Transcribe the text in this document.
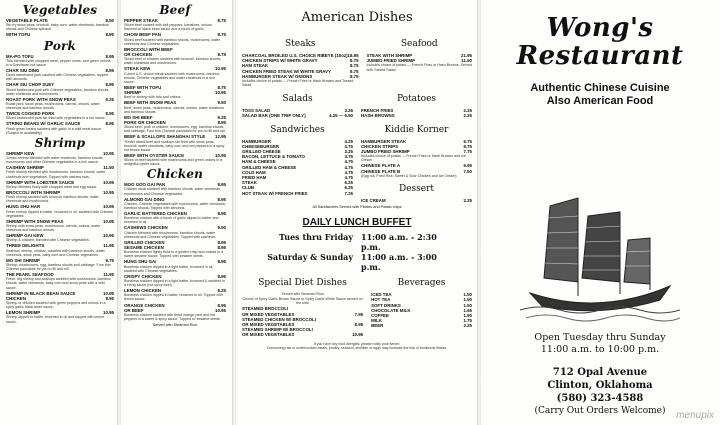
Vegetables
VEGETABLE PLATE	8.50
Stir fry snow peas, broccoli, baby corn, water chestnuts, bamboo shoots and Chinese spinach
WITH TOFU	8.95
Pork
MA-PO TOFU	8.95
Tofu blended with chopped meat, pepper corns, and green onions in a Szechwan hot sauce.
CHAR SIU DING	8.95
Diced barbecued pork sautéed with Chinese vegetables, topped with almonds.
CHAR SIU CHOP SUEY	8.95
Sliced barbecued pork with Chinese vegetables, bamboo shoots, water chestnuts and mushrooms.
ROAST PORK WITH SNOW PEAS	9.25
Roast pork, snow peas, mushrooms, carrots, onions, water chestnuts and bamboo shoots.
TWICE COOKED PORK	8.95
Sliced barbecued pork stir fried with vegetables in a hot sauce.
STRING BEANS W/ GARLIC SAUCE	8.95
Fresh green beans sautéed with garlic in a mild meat sauce. (Subject to availability)
Shrimp
SHRIMP KEW	10.95
Jumbo shrimp blended with water chestnuts, bamboo shoots, mushrooms and other Chinese vegetables in a rich sauce.
CASHEW SHRIMP	11.50
Fresh shrimp blended with mushrooms, bamboo shoots, water chestnuts and vegetables. Topped with cashew nuts.
SHRIMP WITH LOBSTER SAUCE	10.95
Shrimp blended finely with chopped meat and egg sauce.
BROCCOLI WITH SHRIMP	10.95
Fresh shrimp sautéed with broccoli, bamboo shoots, water chestnuts and mushrooms.
HUNG SHU HAR	10.95
Fresh shrimp dipped in batter, browned in oil, sautéed with Chinese vegetables.
SHRIMP WITH SNOW PEAS	10.95
Shrimp with snow peas, mushrooms, carrots, onions, water chestnuts and bamboo shoots.
SHRIMP GAI KEW	10.95
Shrimp & chicken, blended with Chinese vegetables.
THREE DELIGHTS	11.95
Seafood, shrimp, chicken, sautéed with bamboo shoots, water chestnuts, snow peas, baby corn and Chinese vegetables.
MO SHI SHRIMP	9.75
Shrimp, mushrooms, egg, bamboo shoots and cabbage. Four thin Chinese pancakes for you to fill and roll.
THE PEARL SEAFOOD	11.95
Fresh, big shrimp and scallops sautéed with mushrooms, bamboo shoots, water chestnuts, baby corn and snow peas with a mild sauce.
SHRIMP IN BLACK BEAN SAUCE	10.95
CHICKEN	8.95
Shrimp or chicken sautéed with green peppers and onions in a spicy garlic black bean sauce.
LEMON SHRIMP	10.95
Shrimp dipped in batter, browned in oil and topped with lemon sauce.
Beef
PEPPER STEAK	8.75
Sliced beef cooked with bell peppers, tomatoes, onions, flavored w/ black bean sauce and a touch of garlic.
CHOW BEEF PAN	8.75
Sliced beef sautéed with bamboo shoots, mushrooms, water chestnuts and Chinese vegetables.
BROCCOLI WITH BEEF
OR CHICKEN	8.75
Sliced beef or chicken sautéed with broccoli, bamboo shoots, water chestnuts and mushrooms.
STEAK KEW	10.95
Cubed U.S. choice steak sautéed with mushrooms, bamboo shoots, Chinese vegetables and water chestnuts in a rich sauce.
BEEF WITH TOFU	8.75
SHRIMP	10.95
Beef or shrimp with tofu and onions.
BEEF WITH SNOW PEAS	9.50
Beef, snow peas, mushrooms, carrots, onions, water chestnuts and bamboo shoots.
MO SHI BEEF	9.25
PORK OR CHICKEN	8.95
Sliced beef, pork or chicken, mushrooms, egg, bamboo shoots and cabbage. Four thin Chinese pancakes for you to fill and roll.
BEEF & SCALLOPS SHANGHAI STYLE 12.95
Tender sliced beef and scallops stir fried with snow peas, broccoli, water chestnuts, baby corn and red peppers in a spicy hot brown sauce.
BEEF WITH OYSTER SAUCE	10.95
Slices of beef sautéed with mushrooms and green onions in a delightful oyster sauce.
Chicken
MOO GOO GAI PAN	8.95
Chicken meat sautéed with bamboo shoots, water chestnuts, mushrooms and Chinese vegetables.
ALMOND GAI DING	8.95
Chicken, Chinese vegetables with mushrooms, water chestnuts, bamboo shoots. Topped with almonds.
GARLIC BATTERED CHICKEN	8.95
Boneless chicken with a touch of garlic dipped in batter and browned in oil.
CASHEWS CHICKEN	9.50
Chicken blended with mushrooms, bamboo shoots, water chestnuts and Chinese vegetables. Topped with cashews.
GRILLED CHICKEN	8.95
SESAME CHICKEN	8.95
Boneless chicken lightly fried to a golden crisp and coated in a sweet sesame sauce. Topped with sesame seeds.
HUNG SHU GAI	8.95
Boneless chicken dipped in a light batter, browned in oil, sautéed with Chinese vegetables.
CRISPY CHICKEN	8.95
Boneless chicken dipped in a light batter, browned & sautéed in a Hong sauce (not spicy food).
LEMON CHICKEN	8.25
Boneless chicken dipped in batter, browned in oil. Topped with lemon sauce.
ORANGE CHICKEN	8.95
OR BEEF	10.95
Boneless chicken sautéed with dried orange peel and hot peppers in a sweet & spicy sauce. Topped w/ sesame seeds.
Served with Steamed Rice
American Dishes
Steaks
CHARCOAL BROILED U.S. CHOICE RIBEYE (10oz) 18.95
CHICKEN STRIPS W/ WHITE GRAVY	8.75
HAM STEAK	8.75
CHICKEN FRIED STEAK W/ WHITE GRAVY	8.75
HAMBURGER STEAK W/ ONIONS	8.75
Includes choice of potato — French Fries or Hash Browns and Tossed Salad
Seafood
STEAK WITH SHRIMP	21.95
JUMBO FRIED SHRIMP	11.50
Includes choice of potato — French Fries or Hash Browns. Served with Tossed Salad
Salads
TOSS SALAD	3.25
SALAD BAR (ONE TRIP ONLY)	4.25 — 6.50
Potatoes
FRENCH FRIES	2.25
HASH BROWNS	2.25
Sandwiches
HAMBURGER	4.25
CHEESEBURGER	4.75
GRILLED CHEESE	3.25
BACON, LETTUCE & TOMATO	3.75
HAM & CHEESE	4.75
GRILLED HAM & CHEESE	4.75
COLD HAM	4.75
FRIED HAM	4.75
STEAK	6.25
CLUB	6.25
HOT STEAK W/ FRENCH FRIES	7.25
Kiddie Korner
HAMBURGER STEAK	6.75
CHICKEN STRIPS	6.75
JUMBO FRIED SHRIMP	7.75
Includes choice of potato — French Fries or Hash Browns and Ice Cream
CHINESE PLATE A	6.95
CHINESE PLATE B	7.50
(Egg roll, Fried Rice, Sweet & Sour Chicken and Ice Cream)
Dessert
ICE CREAM	2.25
All Sandwiches Served with Pickles and Potato chips
DAILY LUNCH BUFFET
Tues thru Friday 11:00 a.m. - 2:30 p.m.
Saturday & Sunday 11:00 a.m. - 3:00 p.m.
Special Diet Dishes
Served with Steamed Rice
Choice of Spicy Garlic Brown Sauce or Spicy Garlic White Sauce served on the side
STEAMED BROCCOLI
OR MIXED VEGETABLES	7.95
STEAMED CHICKEN W/ BROCCOLI
OR MIXED VEGETABLES	8.95
STEAMED SHRIMP W/ BROCCOLI
OR MIXED VEGETABLES	10.95
Beverages
ICED TEA	1.50
HOT TEA	1.50
SOFT DRINKS	1.50
CHOCOLATE MILK	1.65
COFFEE	1.50
MILK	1.75
BEER	2.25
If you have any food allergies, please notify your server.
Consuming raw or undercooked meats, poultry, seafood, shellfish or eggs may increase the risk of foodborne illness.
Wong's
Restaurant
Authentic Chinese Cuisine
Also American Food
Open Tuesday thru Sunday
11:00 a.m. to 10:00 p.m.
712 Opal Avenue
Clinton, Oklahoma
(580) 323-4588
(Carry Out Orders Welcome)	menupix
